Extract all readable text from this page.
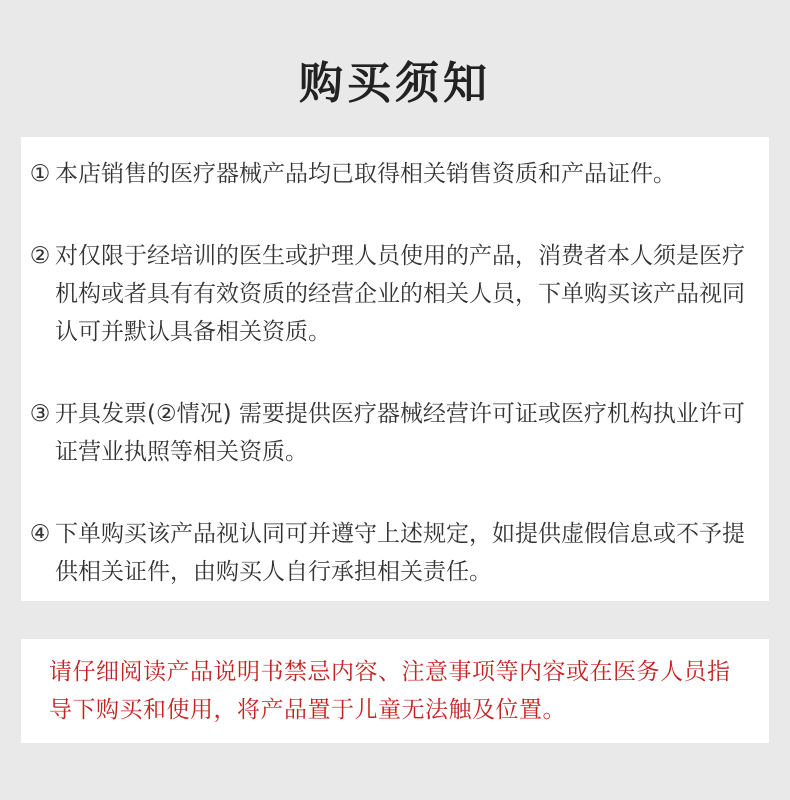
购买须知
① 本店销售的医疗器械产品均已取得相关销售资质和产品证件。
② 对仅限于经培训的医生或护理人员使用的产品，消费者本人须是医疗机构或者具有有效资质的经营企业的相关人员，下单购买该产品视同认可并默认具备相关资质。
③ 开具发票(②情况) 需要提供医疗器械经营许可证或医疗机构执业许可证营业执照等相关资质。
④ 下单购买该产品视认同可并遵守上述规定，如提供虚假信息或不予提供相关证件，由购买人自行承担相关责任。
请仔细阅读产品说明书禁忌内容、注意事项等内容或在医务人员指导下购买和使用，将产品置于儿童无法触及位置。
